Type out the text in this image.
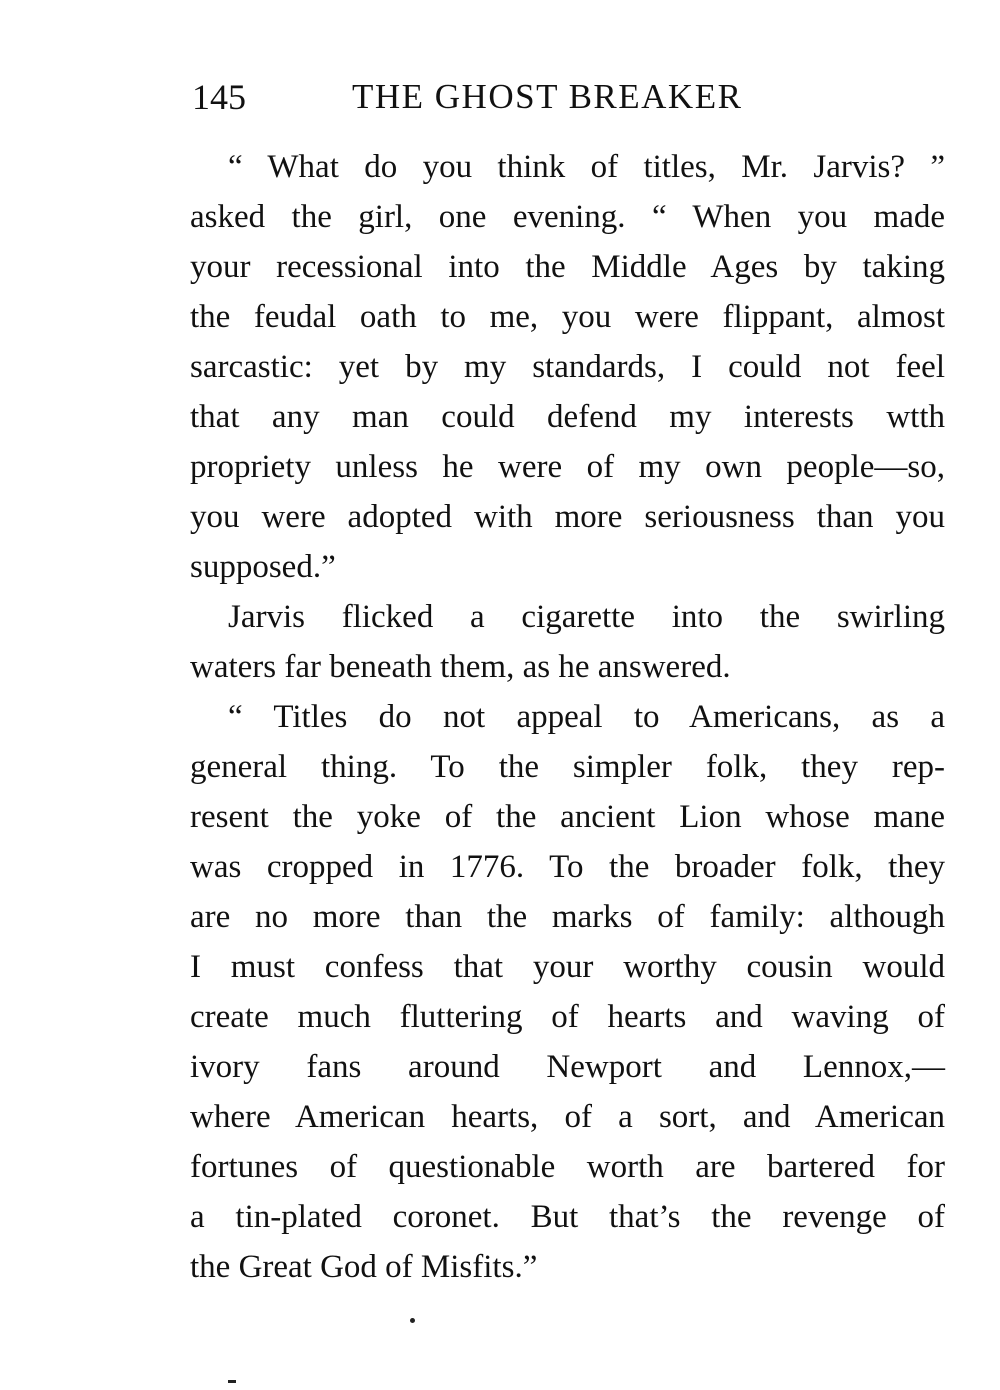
145	THE GHOST BREAKER
“ What do you think of titles, Mr. Jarvis? ”
asked the girl, one evening. “ When you made
your recessional into the Middle Ages by taking
the feudal oath to me, you were flippant, almost
sarcastic: yet by my standards, I could not feel
that any man could defend my interests wtth
propriety unless he were of my own people—so,
you were adopted with more seriousness than you
supposed.”
Jarvis flicked a cigarette into the swirling
waters far beneath them, as he answered.
“ Titles do not appeal to Americans, as a
general thing. To the simpler folk, they rep-
resent the yoke of the ancient Lion whose mane
was cropped in 1776. To the broader folk, they
are no more than the marks of family: although
I must confess that your worthy cousin would
create much fluttering of hearts and waving of
ivory fans around Newport and Lennox,—
where American hearts, of a sort, and American
fortunes of questionable worth are bartered for
a tin-plated coronet. But that’s the revenge of
the Great God of Misfits.”
